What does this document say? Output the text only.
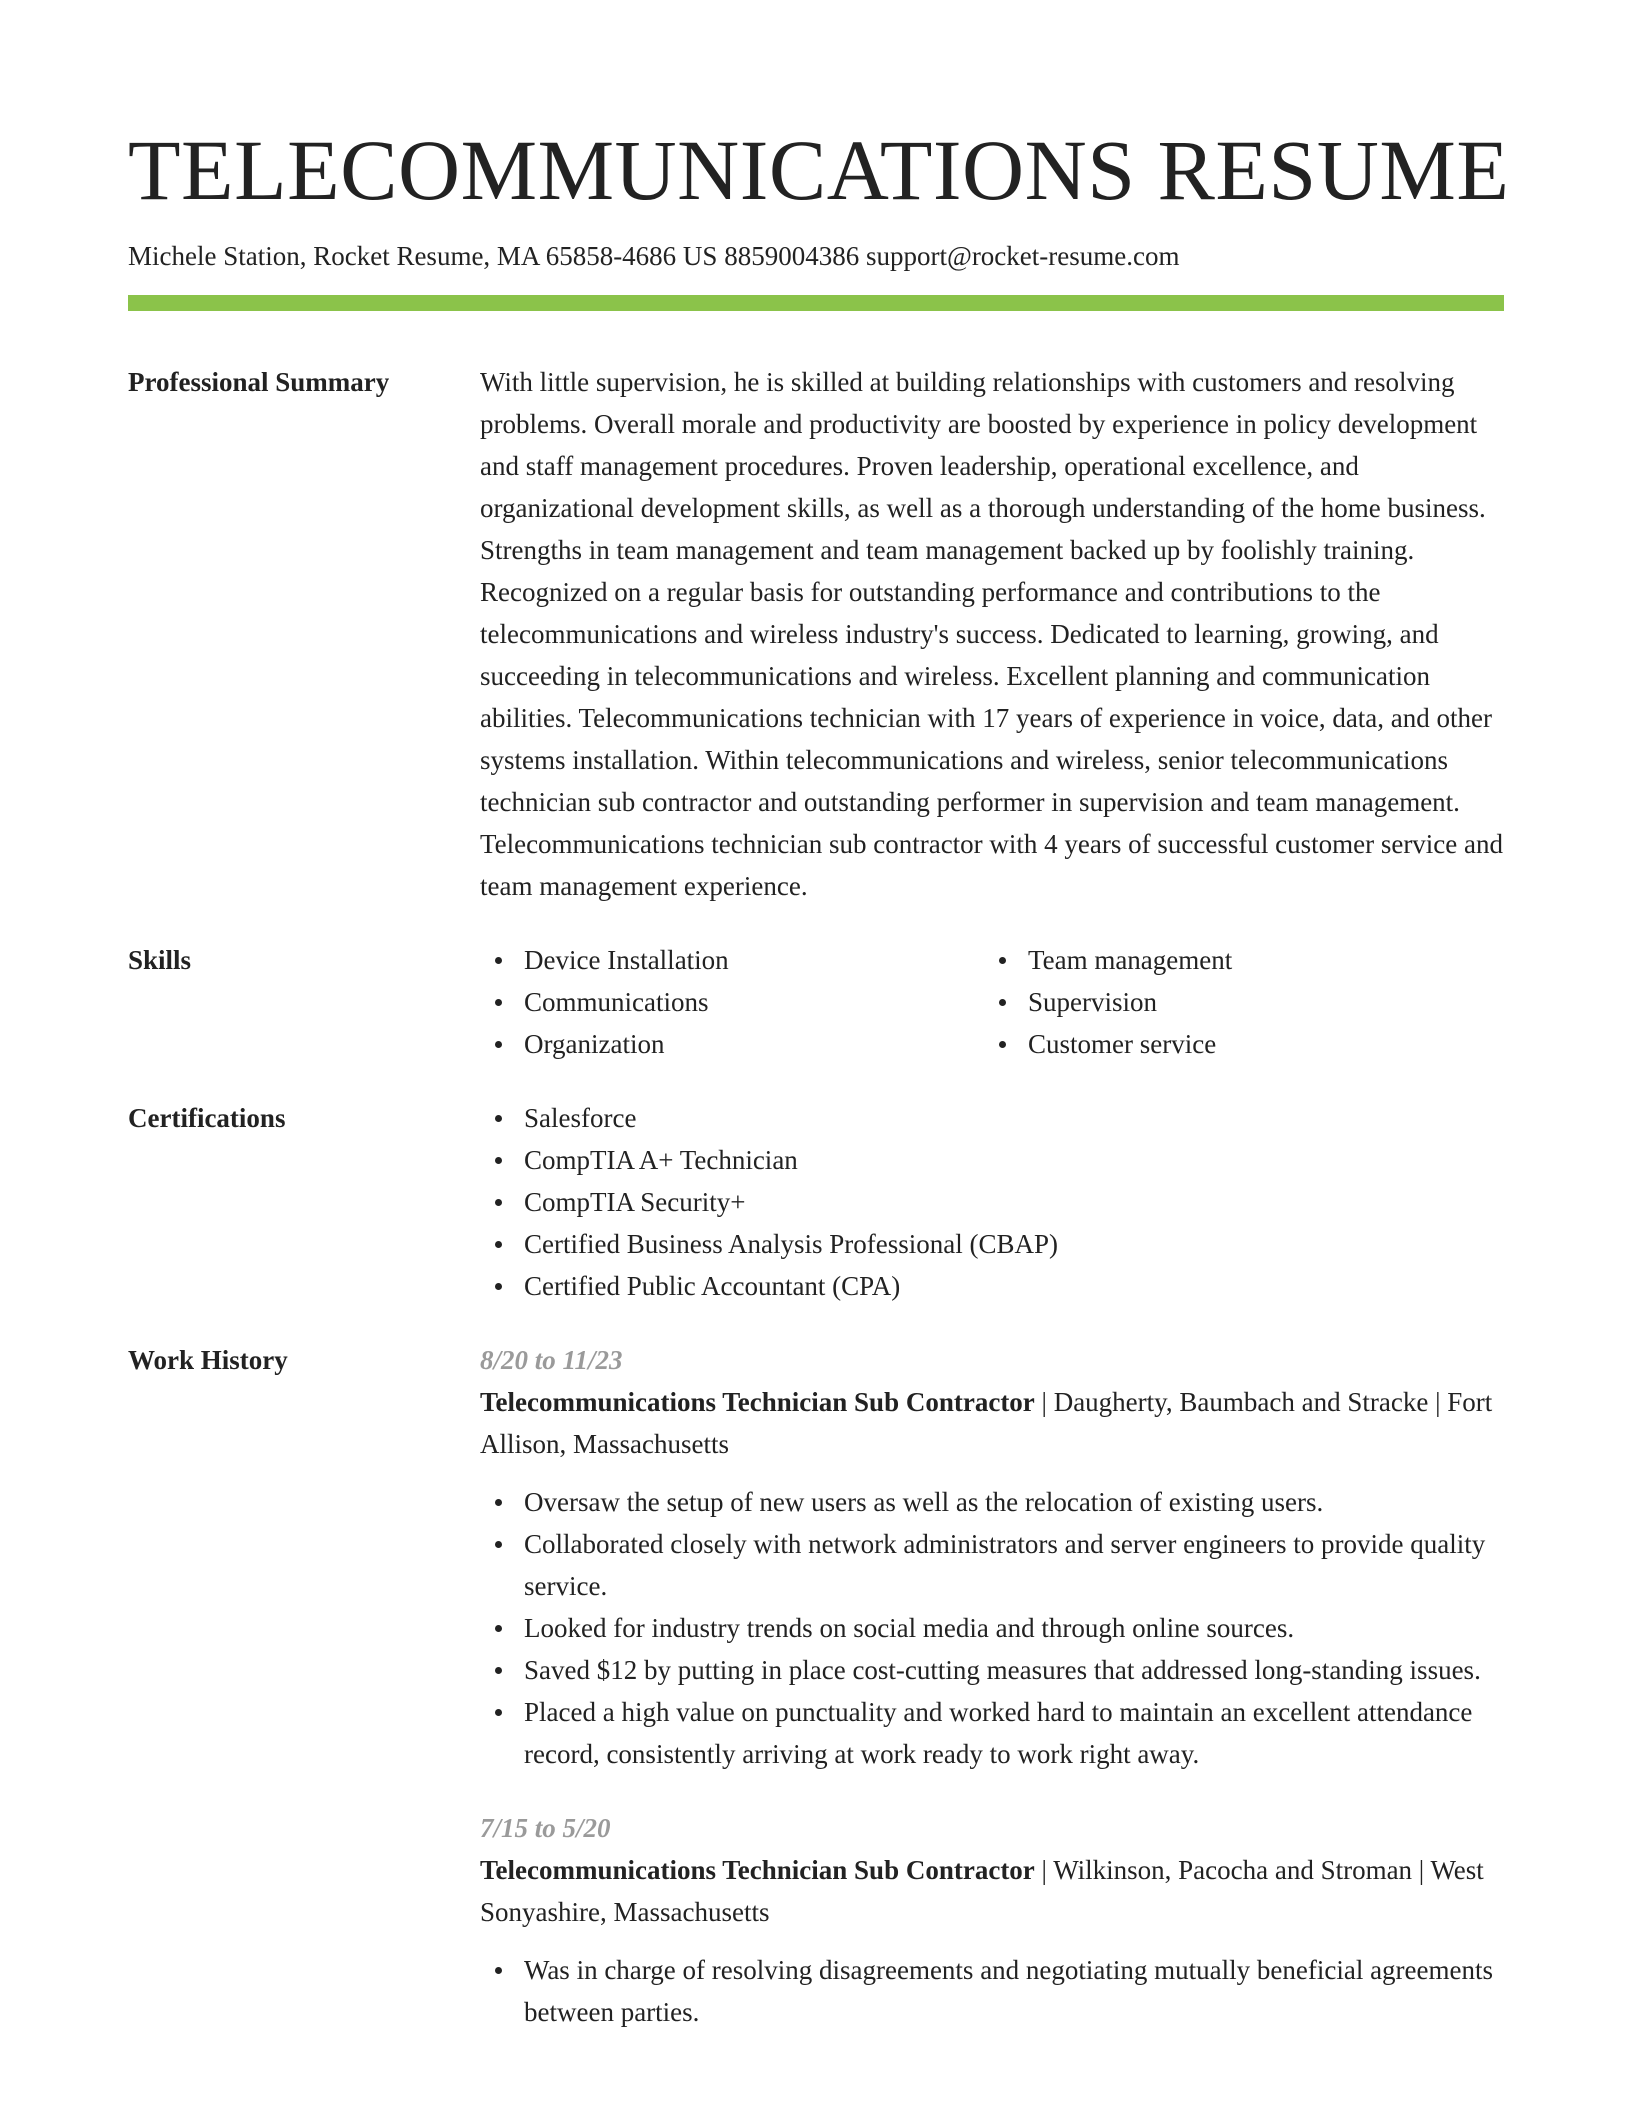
TELECOMMUNICATIONS RESUME
Michele Station, Rocket Resume, MA 65858-4686 US 8859004386 support@rocket-resume.com
Professional Summary	With little supervision, he is skilled at building relationships with customers and resolving problems. Overall morale and productivity are boosted by experience in policy development and staff management procedures. Proven leadership, operational excellence, and organizational development skills, as well as a thorough understanding of the home business. Strengths in team management and team management backed up by foolishly training. Recognized on a regular basis for outstanding performance and contributions to the telecommunications and wireless industry's success. Dedicated to learning, growing, and succeeding in telecommunications and wireless. Excellent planning and communication abilities. Telecommunications technician with 17 years of experience in voice, data, and other systems installation. Within telecommunications and wireless, senior telecommunications technician sub contractor and outstanding performer in supervision and team management. Telecommunications technician sub contractor with 4 years of successful customer service and team management experience.

Skills	Device Installation
Communications
Organization
Team management
Supervision
Customer service
Certifications	Salesforce
CompTIA A+ Technician
CompTIA Security+
Certified Business Analysis Professional (CBAP)
Certified Public Accountant (CPA)
Work History	8/20 to 11/23

Telecommunications Technician Sub Contractor | Daugherty, Baumbach and Stracke | Fort Allison, Massachusetts

Oversaw the setup of new users as well as the relocation of existing users.
Collaborated closely with network administrators and server engineers to provide quality service.
Looked for industry trends on social media and through online sources.
Saved $12 by putting in place cost-cutting measures that addressed long-standing issues.
Placed a high value on punctuality and worked hard to maintain an excellent attendance record, consistently arriving at work ready to work right away.
7/15 to 5/20

Telecommunications Technician Sub Contractor | Wilkinson, Pacocha and Stroman | West Sonyashire, Massachusetts

Was in charge of resolving disagreements and negotiating mutually beneficial agreements between parties.
